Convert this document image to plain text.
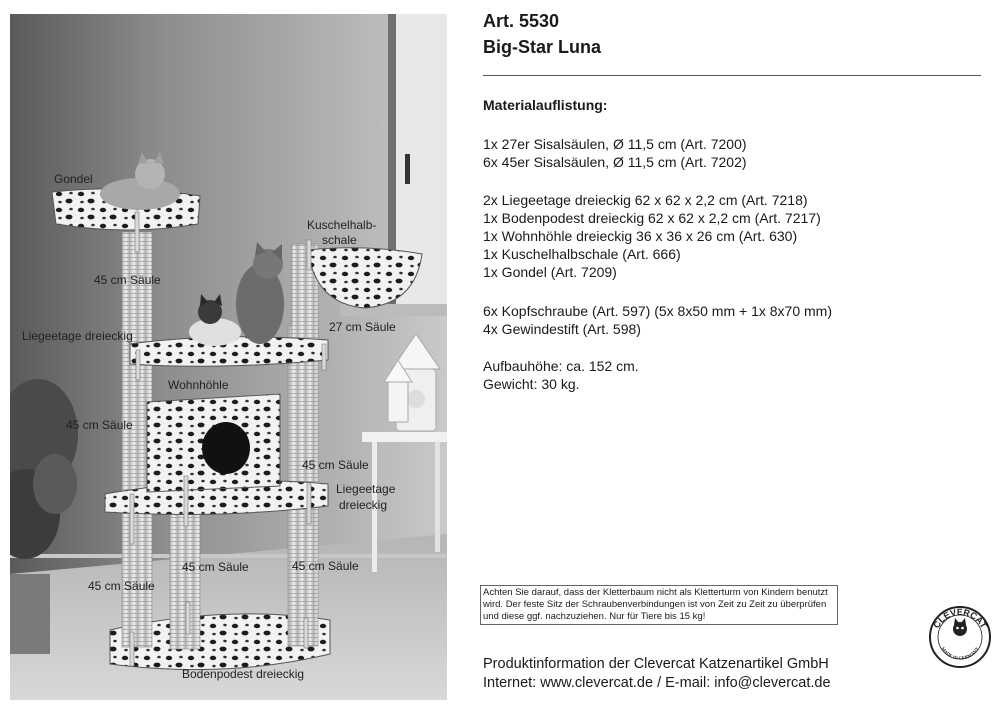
Gondel
Kuschelhalb-
schale
45 cm Säule
Liegeetage dreieckig
27 cm Säule
Wohnhöhle
45 cm Säule
45 cm Säule
Liegeetage
dreieckig
45 cm Säule	45 cm Säule
45 cm Säule
Bodenpodest dreieckig
Art. 5530
Big-Star Luna
Materialauflistung:
1x 27er Sisalsäulen, Ø 11,5 cm (Art. 7200)
6x 45er Sisalsäulen, Ø 11,5 cm (Art. 7202)
2x Liegeetage dreieckig 62 x 62 x 2,2 cm (Art. 7218)
1x Bodenpodest dreieckig 62 x 62 x 2,2 cm (Art. 7217)
1x Wohnhöhle dreieckig 36 x 36 x 26 cm (Art. 630)
1x Kuschelhalbschale (Art. 666)
1x Gondel (Art. 7209)
6x Kopfschraube (Art. 597) (5x 8x50 mm + 1x 8x70 mm)
4x Gewindestift (Art. 598)
Aufbauhöhe: ca. 152 cm.
Gewicht: 30 kg.
Achten Sie darauf, dass der Kletterbaum nicht als Kletterturm von Kindern benutzt wird. Der feste Sitz der Schraubenverbindungen ist von Zeit zu Zeit zu überprüfen und diese ggf. nachzuziehen. Nur für Tiere bis 15 kg!
CLEVERCAT
MADE IN GERMANY
Produktinformation der Clevercat Katzenartikel GmbH
Internet: www.clevercat.de / E-mail: info@clevercat.de
